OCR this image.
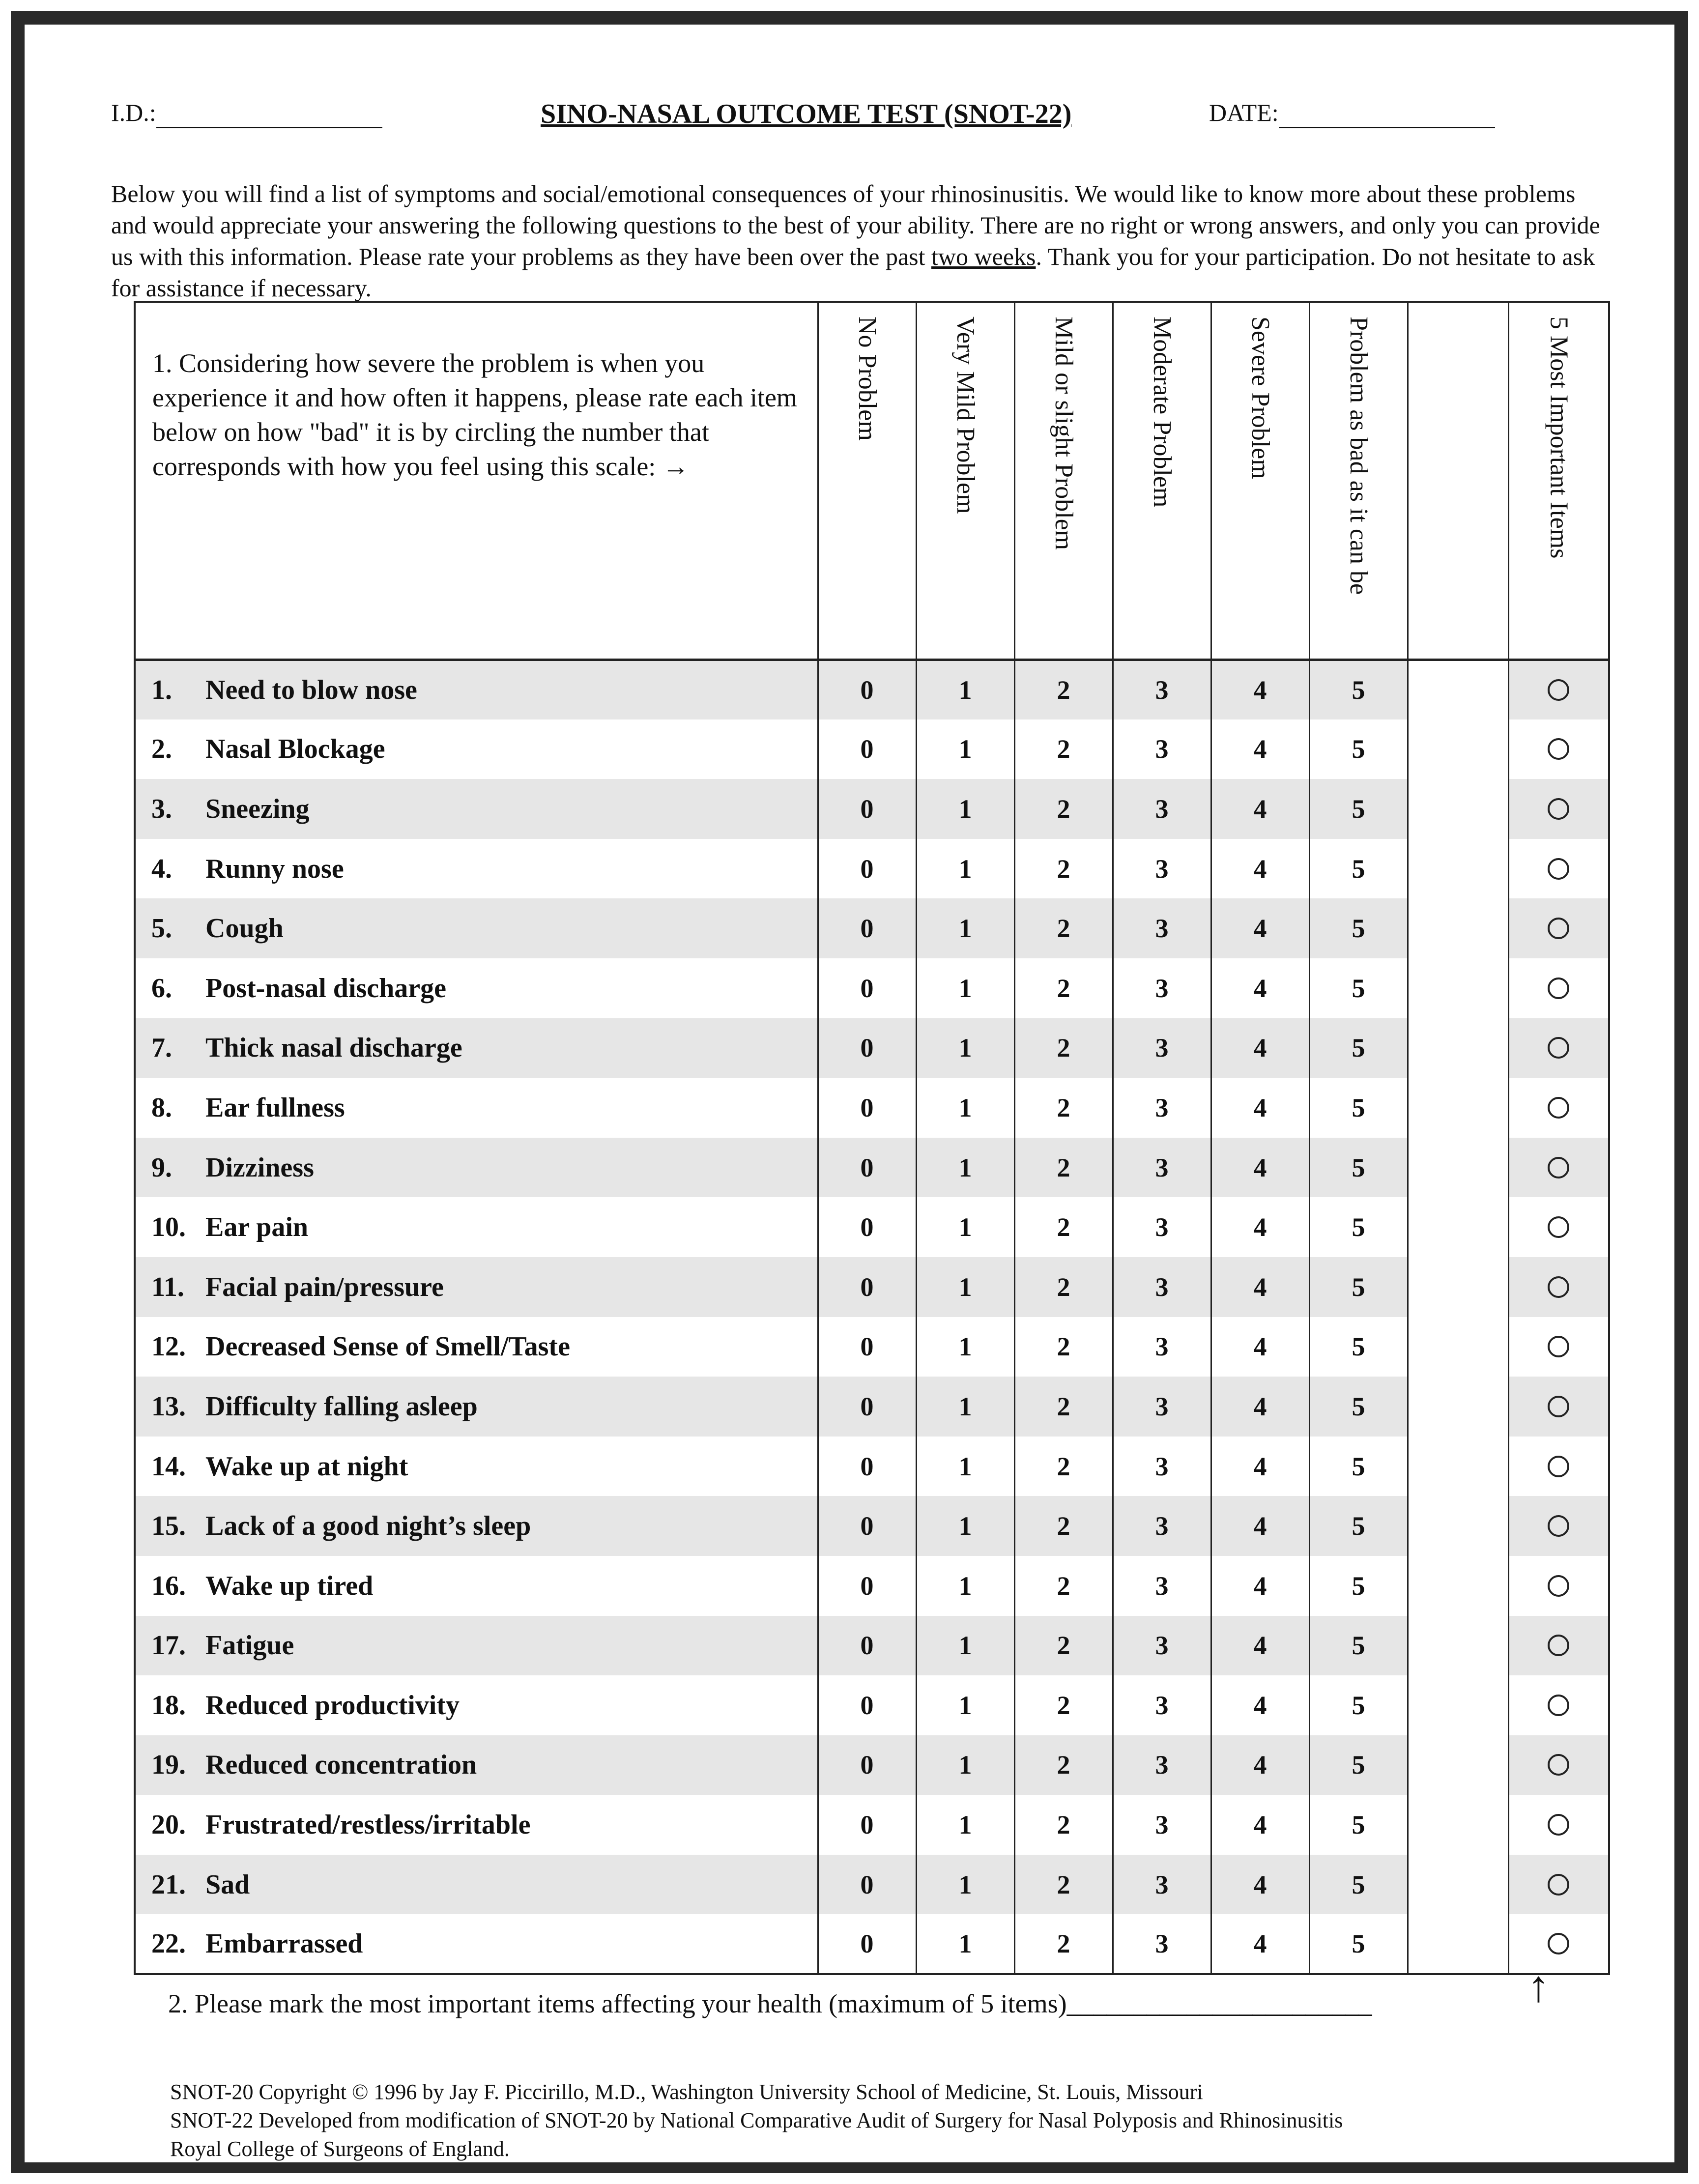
I.D.:	SINO-NASAL OUTCOME TEST (SNOT-22)	DATE:
Below you will find a list of symptoms and social/emotional consequences of your rhinosinusitis. We would like to know more about these problems and would appreciate your answering the following questions to the best of your ability. There are no right or wrong answers, and only you can provide us with this information. Please rate your problems as they have been over the past two weeks. Thank you for your participation. Do not hesitate to ask for assistance if necessary.
1. Considering how severe the problem is when you experience it and how often it happens, please rate each item below on how "bad" it is by circling the number that corresponds with how you feel using this scale: →	No Problem	Very Mild Problem	Mild or slight Problem	Moderate Problem	Severe Problem	Problem as bad as it can be		5 Most Important Items

1. Need to blow nose	0	1	2	3	4	5		
2. Nasal Blockage	0	1	2	3	4	5		
3. Sneezing	0	1	2	3	4	5		
4. Runny nose	0	1	2	3	4	5		
5. Cough	0	1	2	3	4	5		
6. Post-nasal discharge	0	1	2	3	4	5		
7. Thick nasal discharge	0	1	2	3	4	5		
8. Ear fullness	0	1	2	3	4	5		
9. Dizziness	0	1	2	3	4	5		
10. Ear pain	0	1	2	3	4	5		
11. Facial pain/pressure	0	1	2	3	4	5		
12. Decreased Sense of Smell/Taste	0	1	2	3	4	5		
13. Difficulty falling asleep	0	1	2	3	4	5		
14. Wake up at night	0	1	2	3	4	5		
15. Lack of a good night’s sleep	0	1	2	3	4	5		
16. Wake up tired	0	1	2	3	4	5		
17. Fatigue	0	1	2	3	4	5		
18. Reduced productivity	0	1	2	3	4	5		
19. Reduced concentration	0	1	2	3	4	5		
20. Frustrated/restless/irritable	0	1	2	3	4	5		
21. Sad	0	1	2	3	4	5		
22. Embarrassed	0	1	2	3	4	5		
2. Please mark the most important items affecting your health (maximum of 5 items)_______________________	↑
SNOT-20 Copyright © 1996 by Jay F. Piccirillo, M.D., Washington University School of Medicine, St. Louis, Missouri
SNOT-22 Developed from modification of SNOT-20 by National Comparative Audit of Surgery for Nasal Polyposis and Rhinosinusitis
Royal College of Surgeons of England.
